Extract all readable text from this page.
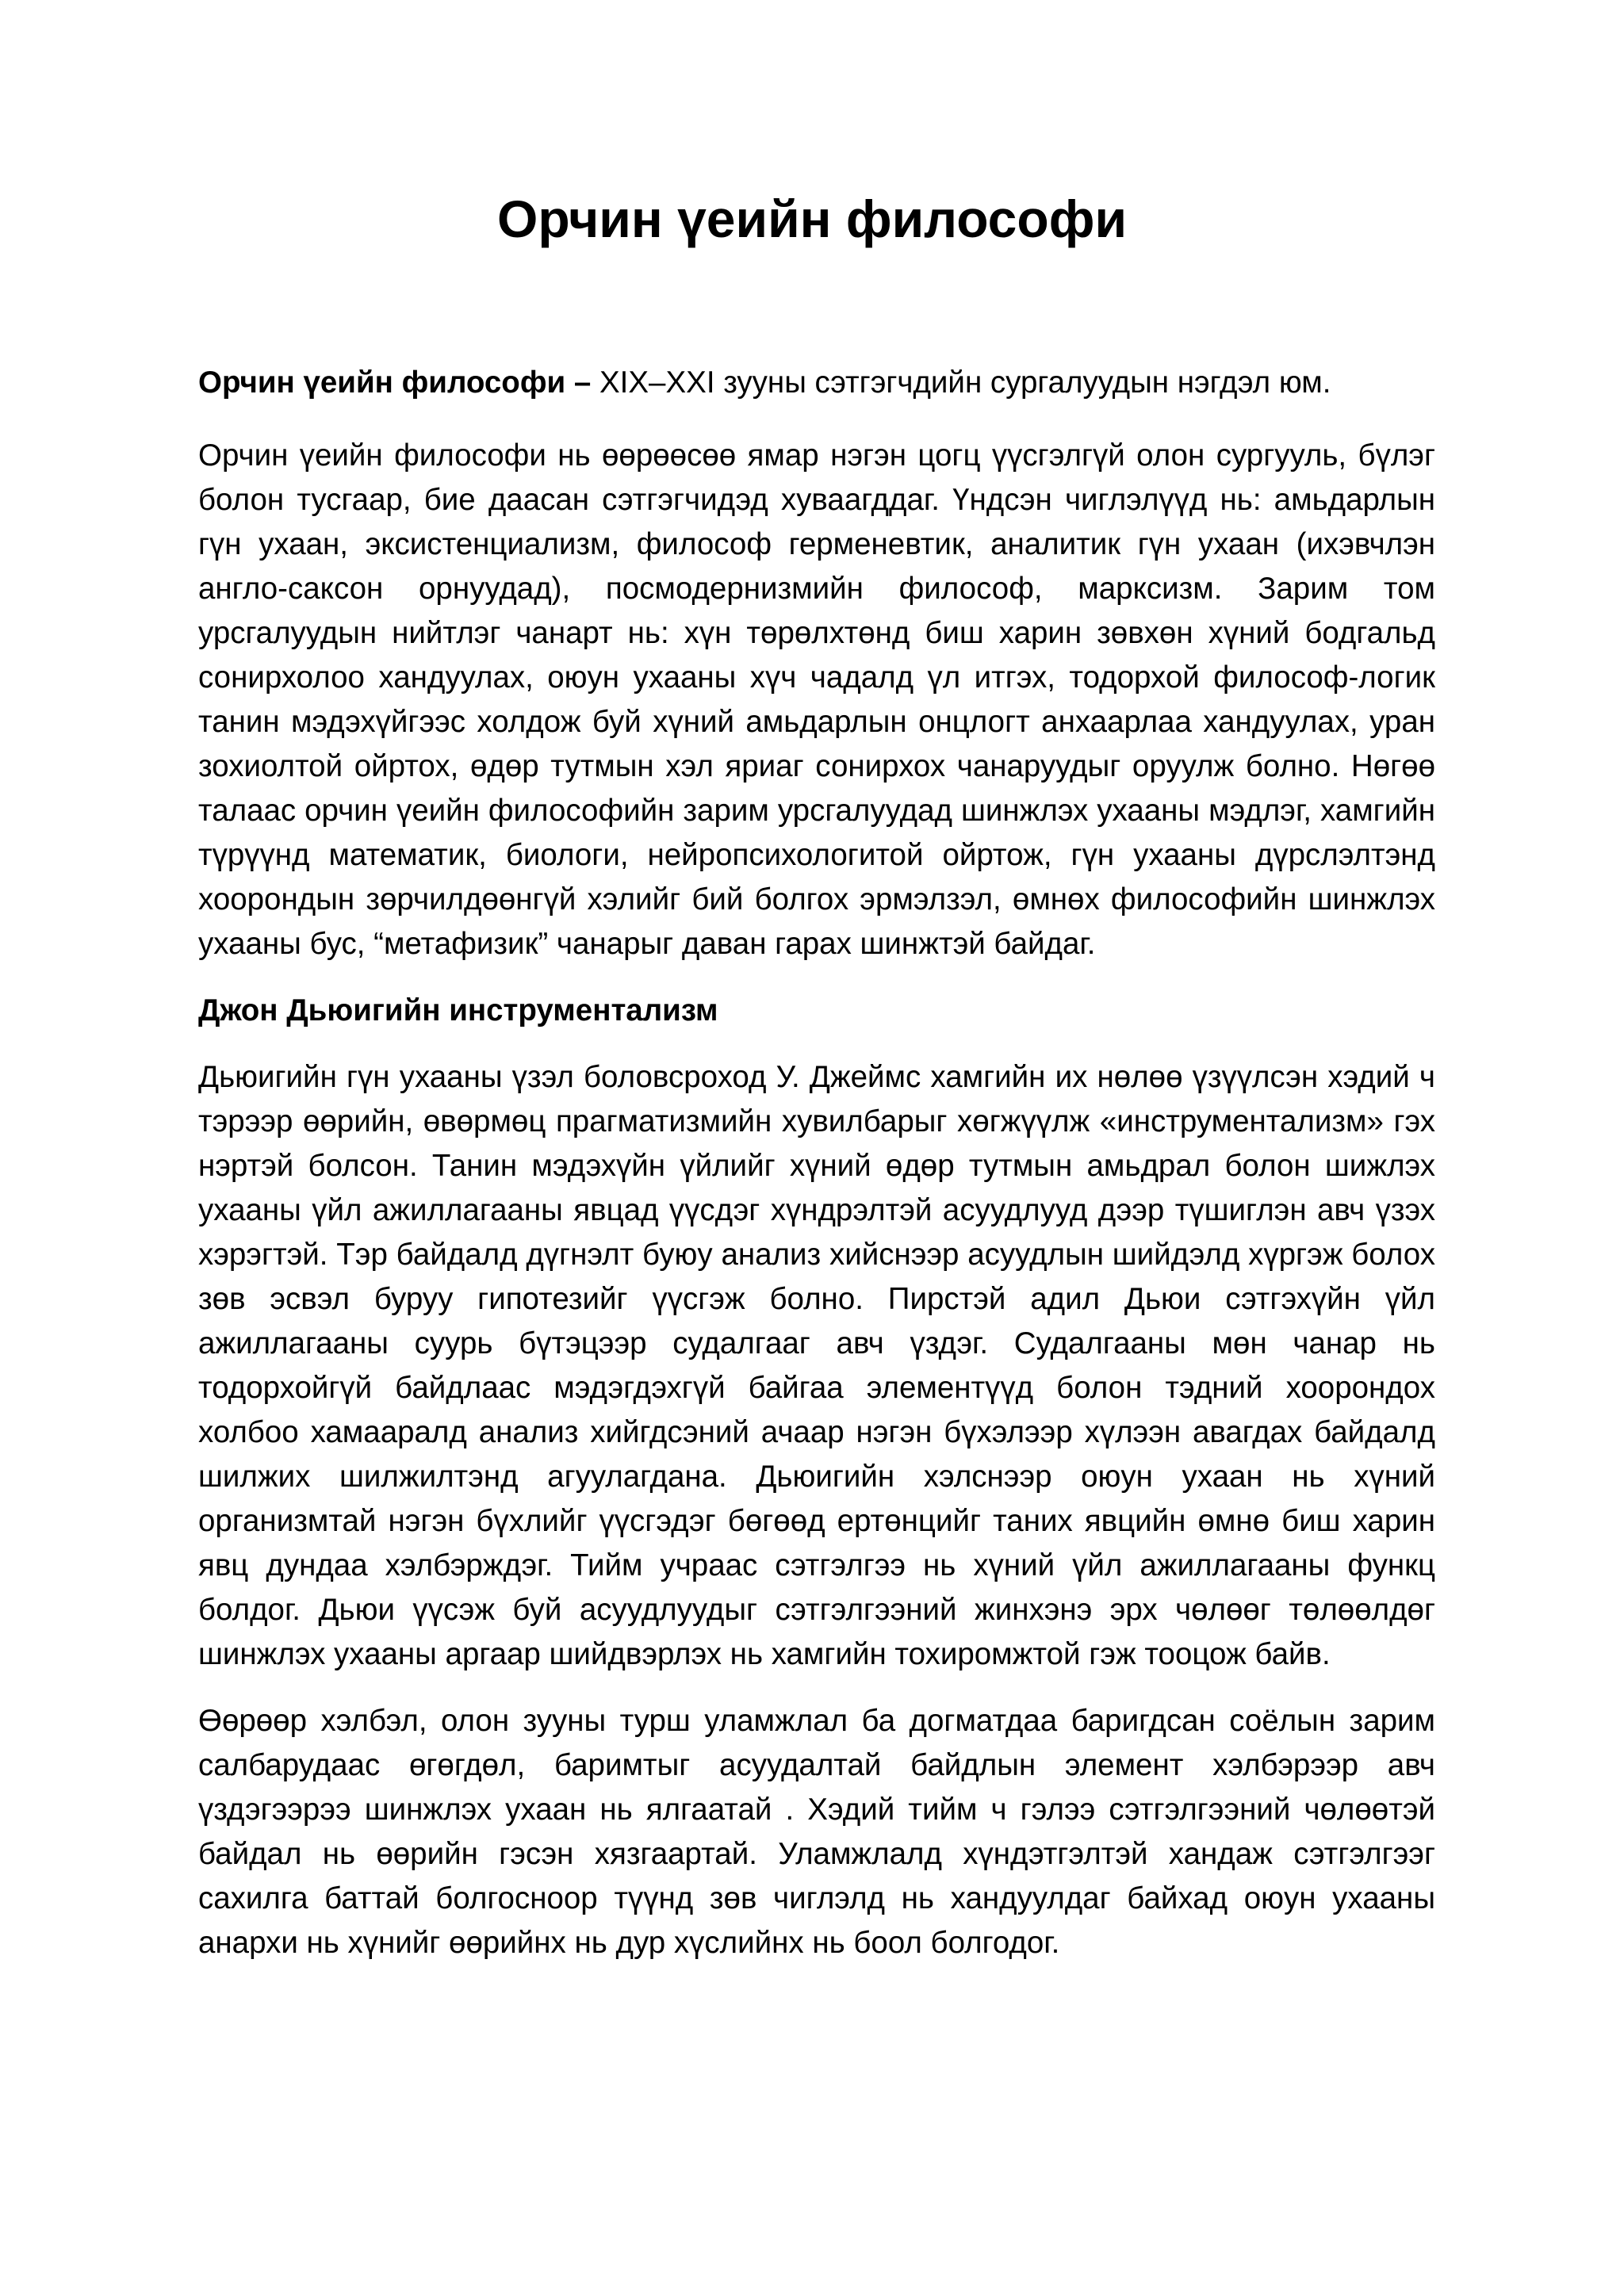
Орчин үеийн философи

Орчин үеийн философи – XIX–XXI зууны сэтгэгчдийн сургалуудын нэгдэл юм.

Орчин үеийн философи нь өөрөөсөө ямар нэгэн цогц үүсгэлгүй олон сургууль, бүлэг болон тусгаар, бие даасан сэтгэгчидэд хуваагддаг. Үндсэн чиглэлүүд нь: амьдарлын гүн ухаан, эксистенциализм, философ герменевтик, аналитик гүн ухаан (ихэвчлэн англо-саксон орнуудад), посмодернизмийн философ, марксизм. Зарим том урсгалуудын нийтлэг чанарт нь: хүн төрөлхтөнд биш харин зөвхөн хүний бодгальд сонирхолоо хандуулах, оюун ухааны хүч чадалд үл итгэх, тодорхой философ-логик танин мэдэхүйгээс холдож буй хүний амьдарлын онцлогт анхаарлаа хандуулах, уран зохиолтой ойртох, өдөр тутмын хэл яриаг сонирхох чанаруудыг оруулж болно. Нөгөө талаас орчин үеийн философийн зарим урсгалуудад шинжлэх ухааны мэдлэг, хамгийн түрүүнд математик, биологи, нейропсихологитой ойртож, гүн ухааны дүрслэлтэнд хоорондын зөрчилдөөнгүй хэлийг бий болгох эрмэлзэл, өмнөх философийн шинжлэх ухааны бус, “метафизик” чанарыг даван гарах шинжтэй байдаг.

Джон Дьюигийн инструментализм

Дьюигийн гүн ухааны үзэл боловсроход У. Джеймс хамгийн их нөлөө үзүүлсэн хэдий ч тэрээр өөрийн, өвөрмөц прагматизмийн хувилбарыг хөгжүүлж «инструментализм» гэх нэртэй болсон. Танин мэдэхүйн үйлийг хүний өдөр тутмын амьдрал болон шижлэх ухааны үйл ажиллагааны явцад үүсдэг хүндрэлтэй асуудлууд дээр түшиглэн авч үзэх хэрэгтэй. Тэр байдалд дүгнэлт буюу анализ хийснээр асуудлын шийдэлд хүргэж болох зөв эсвэл буруу гипотезийг үүсгэж болно. Пирстэй адил Дьюи сэтгэхүйн үйл ажиллагааны суурь бүтэцээр судалгааг авч үздэг. Судалгааны мөн чанар нь тодорхойгүй байдлаас мэдэгдэхгүй байгаа элементүүд болон тэдний хоорондох холбоо хамааралд анализ хийгдсэний ачаар нэгэн бүхэлээр хүлээн авагдах байдалд шилжих шилжилтэнд агуулагдана. Дьюигийн хэлснээр оюун ухаан нь хүний организмтай нэгэн бүхлийг үүсгэдэг бөгөөд ертөнцийг таних явцийн өмнө биш харин явц дундаа хэлбэрждэг. Тийм учраас сэтгэлгээ нь хүний үйл ажиллагааны функц болдог. Дьюи үүсэж буй асуудлуудыг сэтгэлгээний жинхэнэ эрх чөлөөг төлөөлдөг шинжлэх ухааны аргаар шийдвэрлэх нь хамгийн тохиромжтой гэж тооцож байв.

Өөрөөр хэлбэл, олон зууны турш уламжлал ба догматдаа баригдсан соёлын зарим салбарудаас өгөгдөл, баримтыг асуудалтай байдлын элемент хэлбэрээр авч үздэгээрээ шинжлэх ухаан нь ялгаатай . Хэдий тийм ч гэлээ сэтгэлгээний чөлөөтэй байдал нь өөрийн гэсэн хязгаартай. Уламжлалд хүндэтгэлтэй хандаж сэтгэлгээг сахилга баттай болгосноор түүнд зөв чиглэлд нь хандуулдаг байхад оюун ухааны анархи нь хүнийг өөрийнх нь дур хүслийнх нь боол болгодог.
